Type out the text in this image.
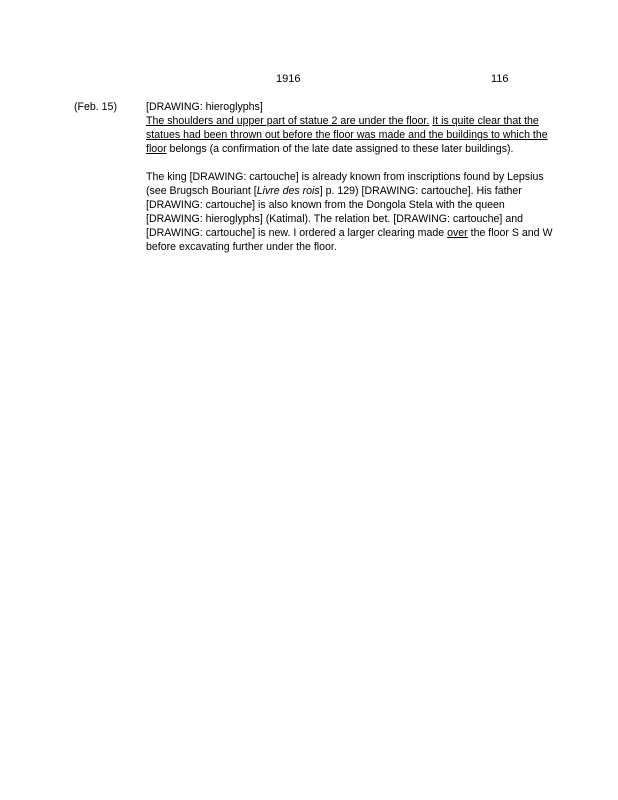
1916	116
(Feb. 15)	[DRAWING: hieroglyphs]

The shoulders and upper part of statue 2 are under the floor. It is quite clear that the statues had been thrown out before the floor was made and the buildings to which the floor belongs (a confirmation of the late date assigned to these later buildings).

The king [DRAWING: cartouche] is already known from inscriptions found by Lepsius (see Brugsch Bouriant [Livre des rois] p. 129) [DRAWING: cartouche]. His father [DRAWING: cartouche] is also known from the Dongola Stela with the queen [DRAWING: hieroglyphs] (Katimal). The relation bet. [DRAWING: cartouche] and [DRAWING: cartouche] is new. I ordered a larger clearing made over the floor S and W before excavating further under the floor.
